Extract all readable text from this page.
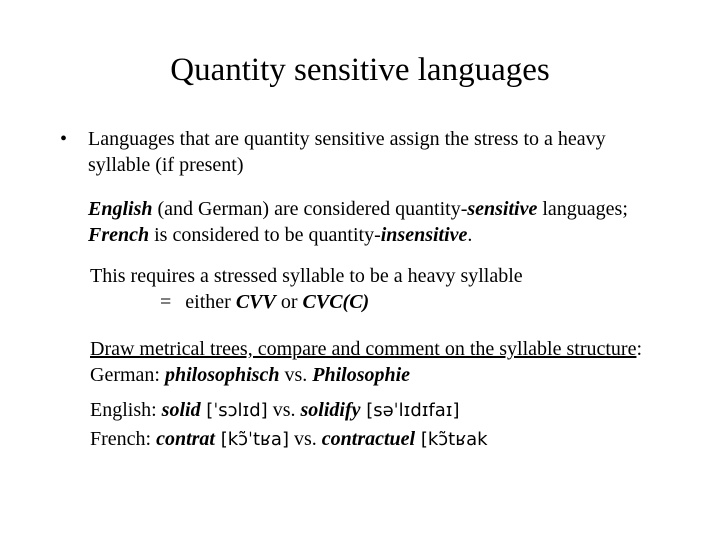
Quantity sensitive languages
• Languages that are quantity sensitive assign the stress to a heavy
syllable (if present)
English (and German) are considered quantity-sensitive languages;
French is considered to be quantity-insensitive.
This requires a stressed syllable to be a heavy syllable
= either CVV or CVC(C)
Draw metrical trees, compare and comment on the syllable structure:
German: philosophisch vs. Philosophie
English: solid [ˈsɔlɪd] vs. solidify [səˈlɪdɪfaɪ]
French: contrat [kɔ̃ˈtʁa] vs. contractuel [kɔ̃tʁak
